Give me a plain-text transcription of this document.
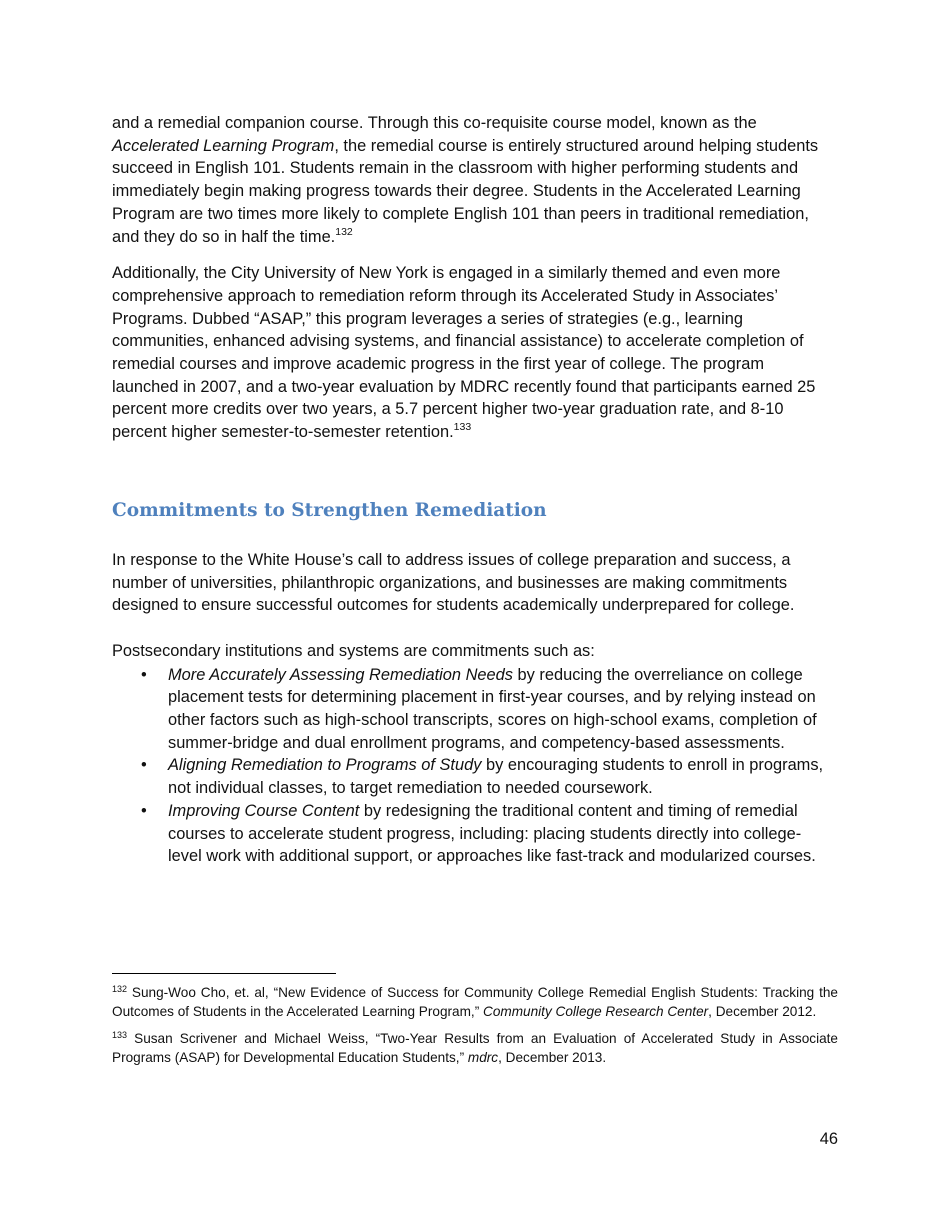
and a remedial companion course. Through this co-requisite course model, known as the Accelerated Learning Program, the remedial course is entirely structured around helping students succeed in English 101. Students remain in the classroom with higher performing students and immediately begin making progress towards their degree. Students in the Accelerated Learning Program are two times more likely to complete English 101 than peers in traditional remediation, and they do so in half the time.$^{132}$

Additionally, the City University of New York is engaged in a similarly themed and even more comprehensive approach to remediation reform through its Accelerated Study in Associates’ Programs. Dubbed “ASAP,” this program leverages a series of strategies (e.g., learning communities, enhanced advising systems, and financial assistance) to accelerate completion of remedial courses and improve academic progress in the first year of college. The program launched in 2007, and a two-year evaluation by MDRC recently found that participants earned 25 percent more credits over two years, a 5.7 percent higher two-year graduation rate, and 8-10 percent higher semester-to-semester retention.$^{133}$

Commitments to Strengthen Remediation

In response to the White House’s call to address issues of college preparation and success, a number of universities, philanthropic organizations, and businesses are making commitments designed to ensure successful outcomes for students academically underprepared for college.

Postsecondary institutions and systems are commitments such as:

• More Accurately Assessing Remediation Needs by reducing the overreliance on college placement tests for determining placement in first-year courses, and by relying instead on other factors such as high-school transcripts, scores on high-school exams, completion of summer-bridge and dual enrollment programs, and competency-based assessments.
• Aligning Remediation to Programs of Study by encouraging students to enroll in programs, not individual classes, to target remediation to needed coursework.
• Improving Course Content by redesigning the traditional content and timing of remedial courses to accelerate student progress, including: placing students directly into college-level work with additional support, or approaches like fast-track and modularized courses.

$^{132}$ Sung-Woo Cho, et. al, “New Evidence of Success for Community College Remedial English Students: Tracking the Outcomes of Students in the Accelerated Learning Program,” Community College Research Center, December 2012.

$^{133}$ Susan Scrivener and Michael Weiss, “Two-Year Results from an Evaluation of Accelerated Study in Associate Programs (ASAP) for Developmental Education Students,” mdrc, December 2013.

46
